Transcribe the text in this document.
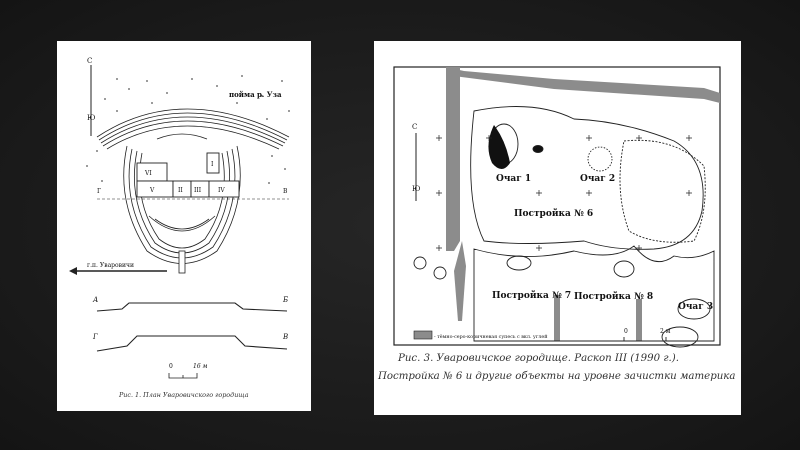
С
Ю
пойма р. Уза
VI
V	II III	IV
I
Г	В
г.п. Уваровичи
А	Б
Г	В
0	16 м
Рис. 1. План Уваровичского городища
С
Ю
Очаг 1	Очаг 2
Постройка № 6
Постройка № 7 Постройка № 8
Очаг 3
- тёмно-серо-коричневая супесь с вкл. углей
0	2 м
Рис. 3. Уваровичское городище. Раскоп III (1990 г.).
Постройка № 6 и другие объекты на уровне зачистки материка
